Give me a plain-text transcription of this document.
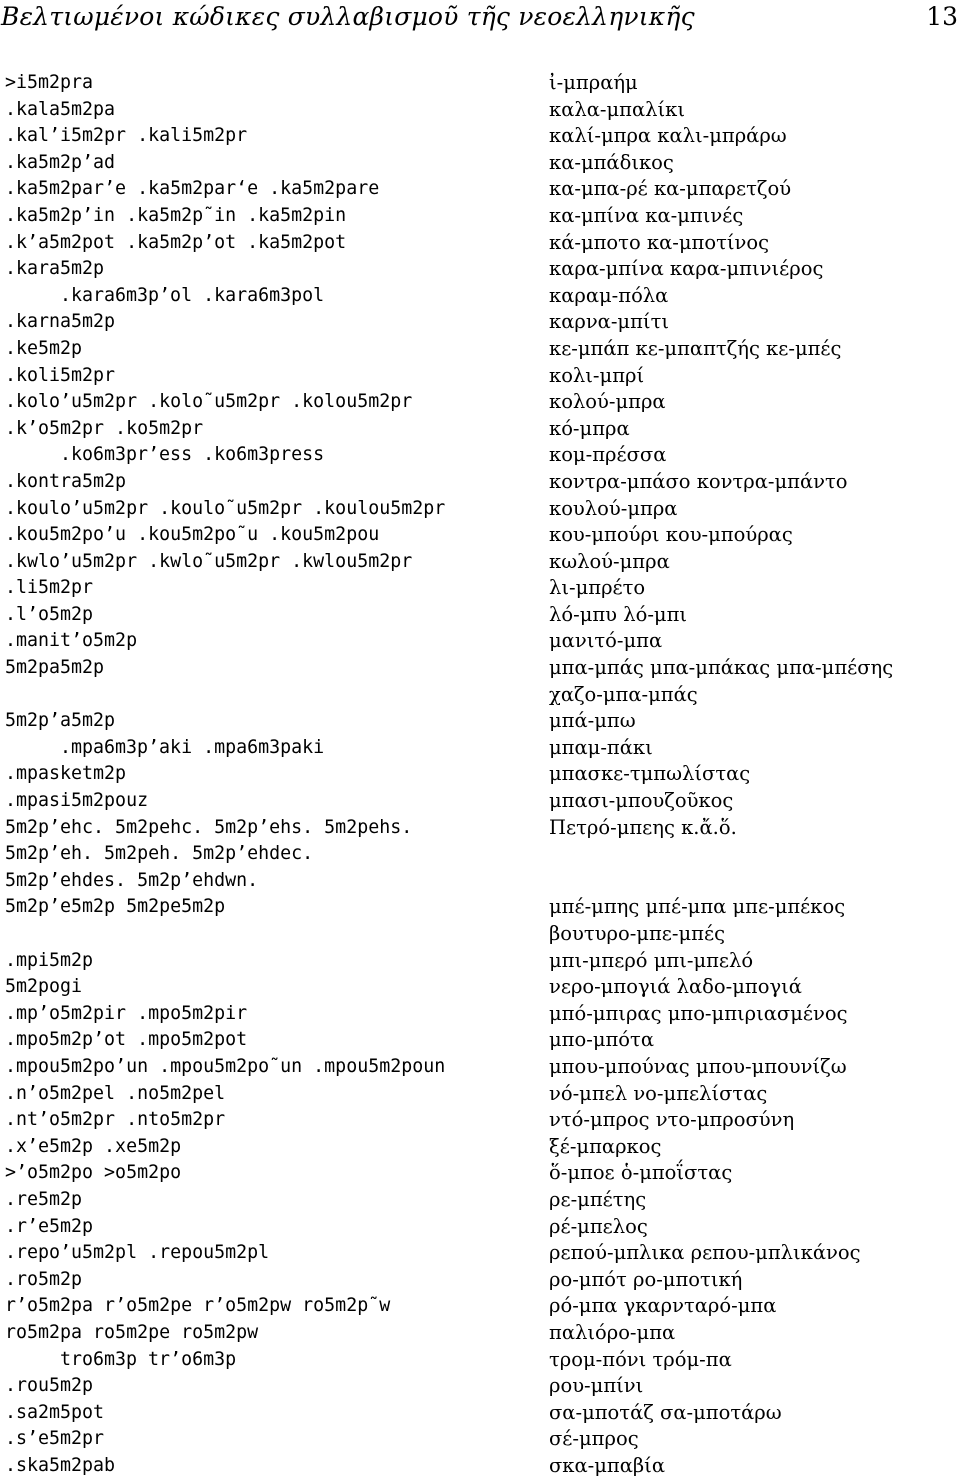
Βελτιωμένοι κώδικες συλλαβισμοῦ τῆς νεοελληνικῆς	13
>i5m2pra	ἰ-μπραήμ
.kala5m2pa	καλα-μπαλίκι
.kal’i5m2pr .kali5m2pr	καλί-μπρα καλι-μπράρω
.ka5m2p’ad	κα-μπάδικος
.ka5m2par’e .ka5m2par‘e .ka5m2pare	κα-μπα-ρέ κα-μπαρετζού
.ka5m2p’in .ka5m2p˜in .ka5m2pin	κα-μπίνα κα-μπινές
.k’a5m2pot .ka5m2p’ot .ka5m2pot	κά-μποτο κα-μποτίνος
.kara5m2p	καρα-μπίνα καρα-μπινιέρος
.kara6m3p’ol .kara6m3pol	καραμ-πόλα
.karna5m2p	καρνα-μπίτι
.ke5m2p	κε-μπάπ κε-μπαπτζής κε-μπές
.koli5m2pr	κολι-μπρί
.kolo’u5m2pr .kolo˜u5m2pr .kolou5m2pr	κολού-μπρα
.k’o5m2pr .ko5m2pr	κό-μπρα
.ko6m3pr’ess .ko6m3press	κομ-πρέσσα
.kontra5m2p	κοντρα-μπάσο κοντρα-μπάντο
.koulo’u5m2pr .koulo˜u5m2pr .koulou5m2pr	κουλού-μπρα
.kou5m2po’u .kou5m2po˜u .kou5m2pou	κου-μπούρι κου-μπούρας
.kwlo’u5m2pr .kwlo˜u5m2pr .kwlou5m2pr	κωλού-μπρα
.li5m2pr	λι-μπρέτο
.l’o5m2p	λό-μπυ λό-μπι
.manit’o5m2p	μανιτό-μπα
5m2pa5m2p	μπα-μπάς μπα-μπάκας μπα-μπέσης
χαζο-μπα-μπάς
5m2p’a5m2p	μπά-μπω
.mpa6m3p’aki .mpa6m3paki	μπαμ-πάκι
.mpasketm2p	μπασκε-τμπωλίστας
.mpasi5m2pouz	μπασι-μπουζοῦκος
5m2p’ehc. 5m2pehc. 5m2p’ehs. 5m2pehs.	Πετρό-μπεης κ.ἄ.ὅ.
5m2p’eh. 5m2peh. 5m2p’ehdec.
5m2p’ehdes. 5m2p’ehdwn.
5m2p’e5m2p 5m2pe5m2p	μπέ-μπης μπέ-μπα μπε-μπέκος
βουτυρο-μπε-μπές
.mpi5m2p	μπι-μπερό μπι-μπελό
5m2pogi	νερο-μπογιά λαδο-μπογιά
.mp’o5m2pir .mpo5m2pir	μπό-μπιρας μπο-μπιριασμένος
.mpo5m2p’ot .mpo5m2pot	μπο-μπότα
.mpou5m2po’un .mpou5m2po˜un .mpou5m2poun	μπου-μπούνας μπου-μπουνίζω
.n’o5m2pel .no5m2pel	νό-μπελ νο-μπελίστας
.nt’o5m2pr .nto5m2pr	ντό-μπρος ντο-μπροσύνη
.x’e5m2p .xe5m2p	ξέ-μπαρκος
>’o5m2po >o5m2po	ὅ-μποε ὁ-μποΐστας
.re5m2p	ρε-μπέτης
.r’e5m2p	ρέ-μπελος
.repo’u5m2pl .repou5m2pl	ρεπού-μπλικα ρεπου-μπλικάνος
.ro5m2p	ρο-μπότ ρο-μποτική
r’o5m2pa r’o5m2pe r’o5m2pw ro5m2p˜w	ρό-μπα γκαρνταρό-μπα
ro5m2pa ro5m2pe ro5m2pw	παλιόρο-μπα
tro6m3p tr’o6m3p	τρομ-πόνι τρόμ-πα
.rou5m2p	ρου-μπίνι
.sa2m5pot	σα-μποτάζ σα-μποτάρω
.s’e5m2pr	σέ-μπρος
.ska5m2pab	σκα-μπαβία
